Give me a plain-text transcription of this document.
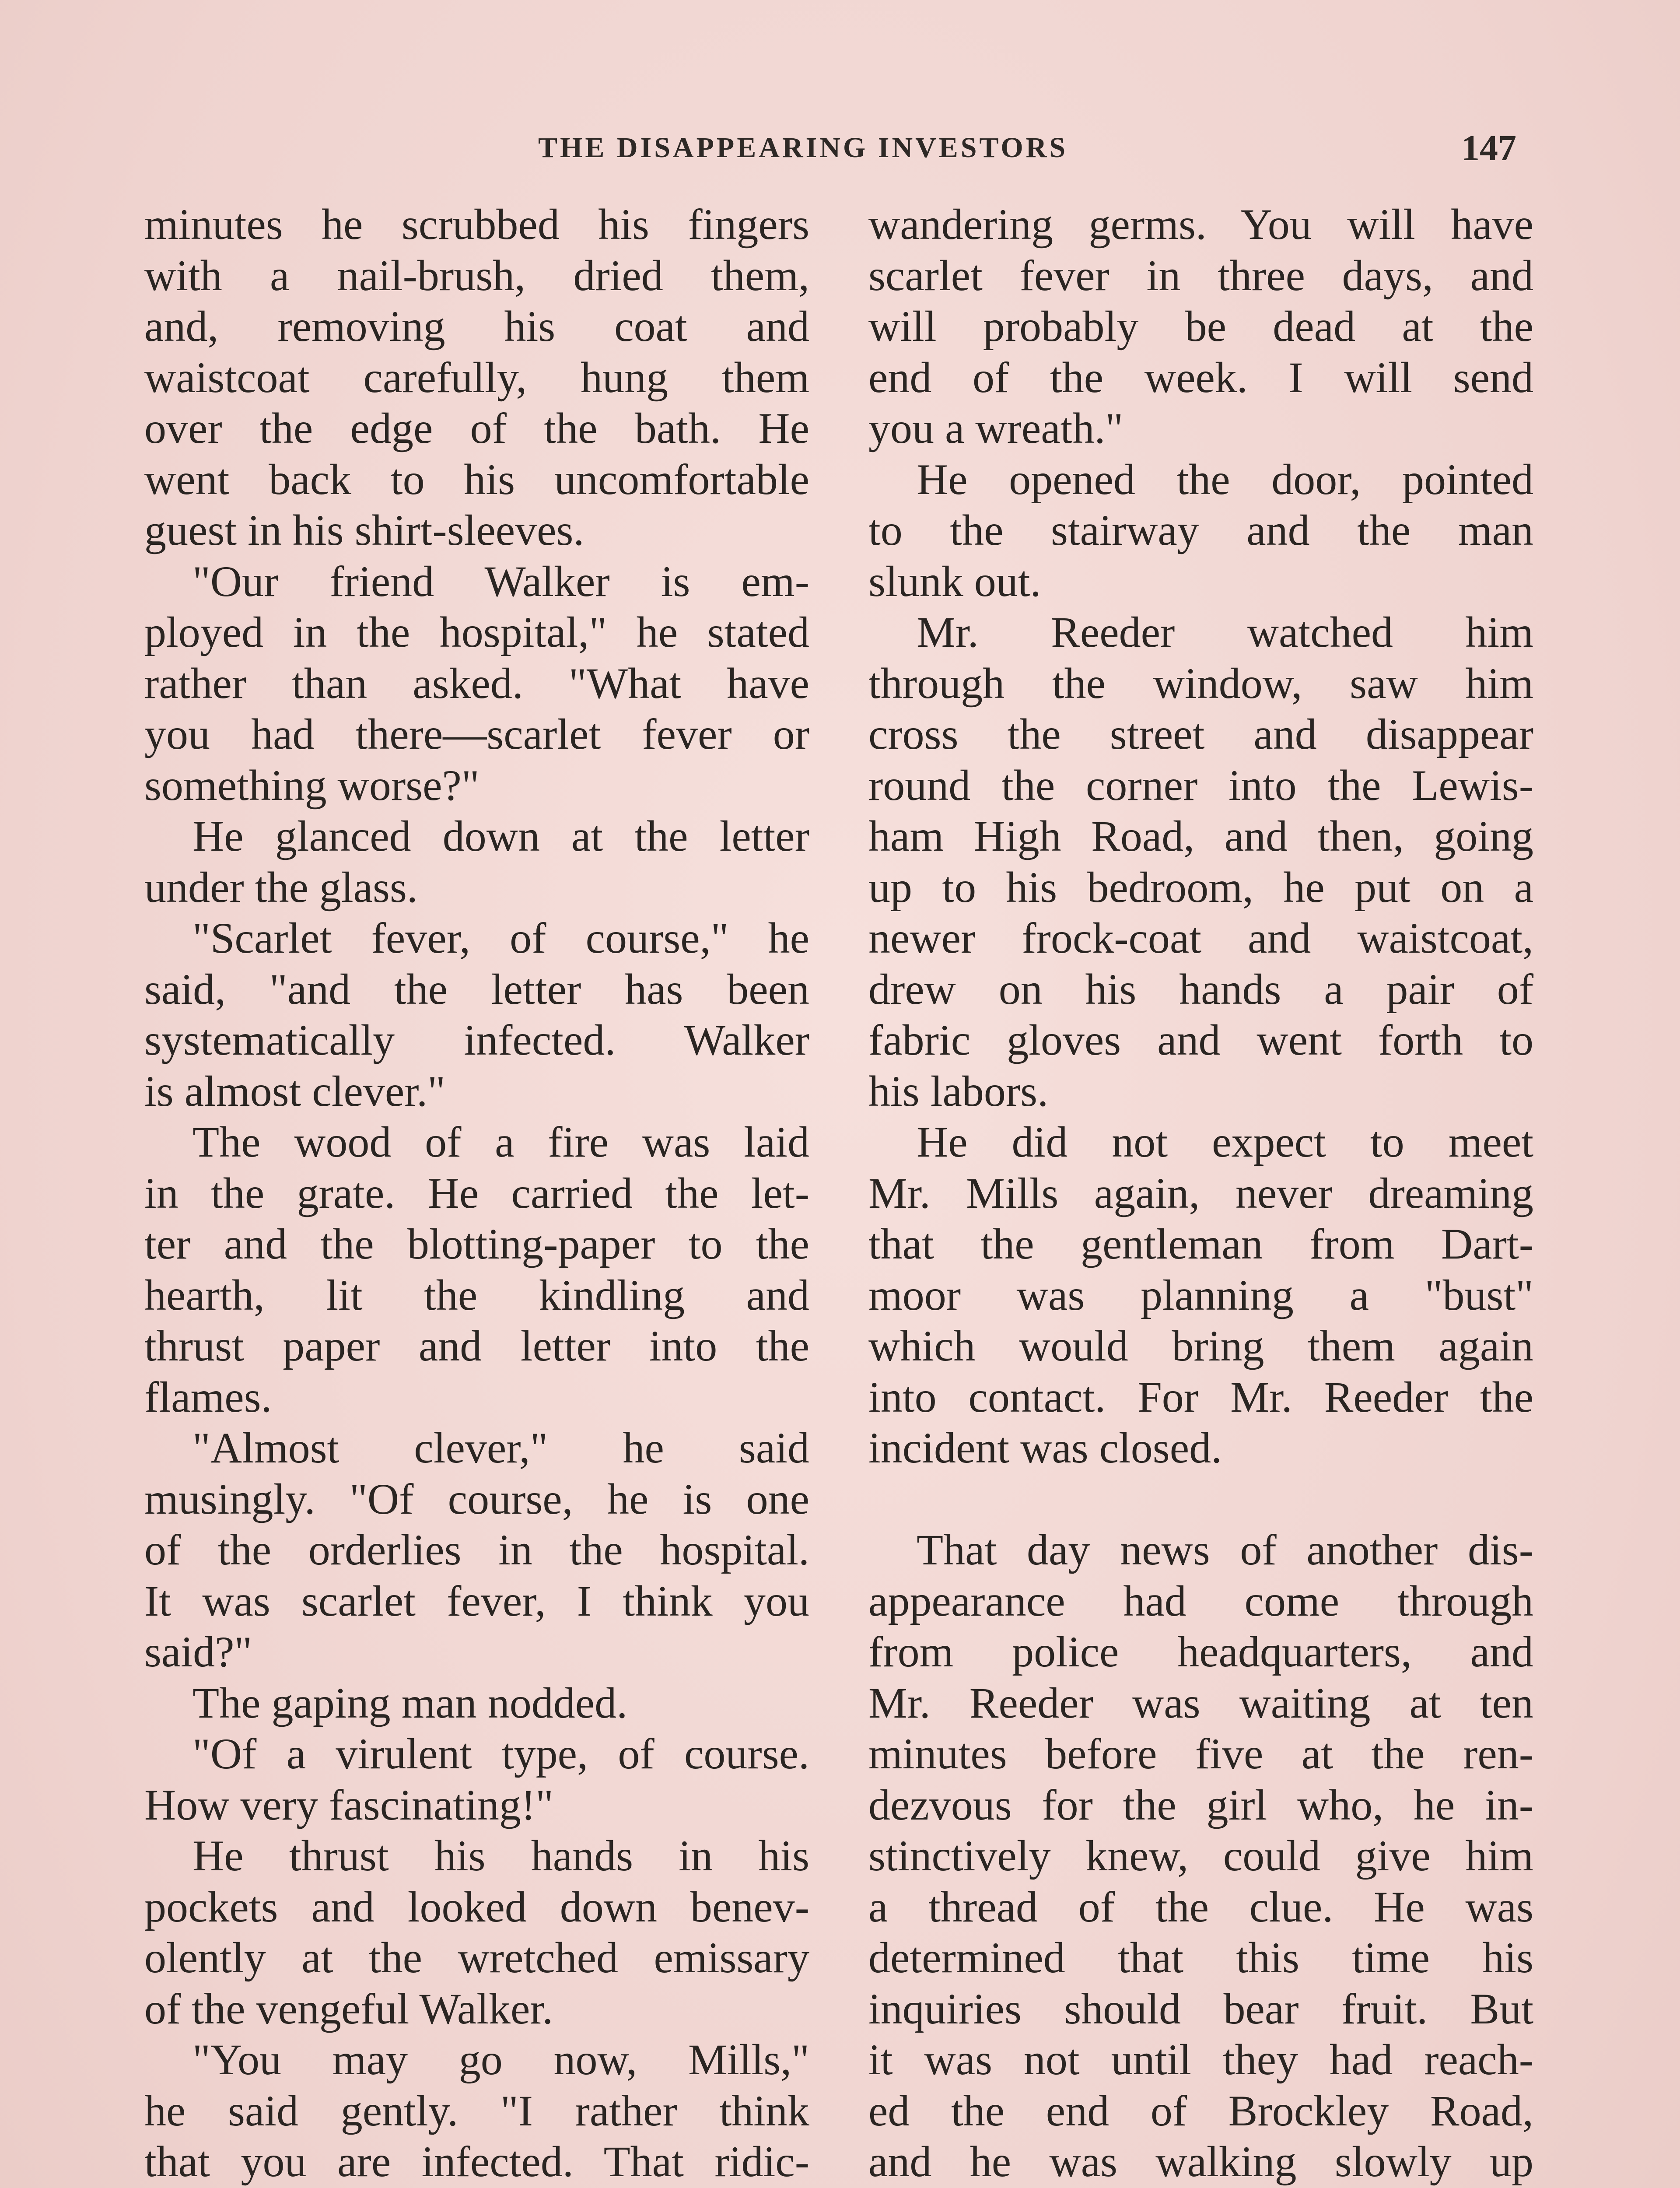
THE DISAPPEARING INVESTORS	147
minutes he scrubbed his fingers
with a nail-brush, dried them,
and, removing his coat and
waistcoat carefully, hung them
over the edge of the bath. He
went back to his uncomfortable
guest in his shirt-sleeves.
"Our friend Walker is em-
ployed in the hospital," he stated
rather than asked. "What have
you had there—scarlet fever or
something worse?"
He glanced down at the letter
under the glass.
"Scarlet fever, of course," he
said, "and the letter has been
systematically infected. Walker
is almost clever."
The wood of a fire was laid
in the grate. He carried the let-
ter and the blotting-paper to the
hearth, lit the kindling and
thrust paper and letter into the
flames.
"Almost clever," he said
musingly. "Of course, he is one
of the orderlies in the hospital.
It was scarlet fever, I think you
said?"
The gaping man nodded.
"Of a virulent type, of course.
How very fascinating!"
He thrust his hands in his
pockets and looked down benev-
olently at the wretched emissary
of the vengeful Walker.
"You may go now, Mills,"
he said gently. "I rather think
that you are infected. That ridic-
wandering germs. You will have
scarlet fever in three days, and
will probably be dead at the
end of the week. I will send
you a wreath."
He opened the door, pointed
to the stairway and the man
slunk out.
Mr. Reeder watched him
through the window, saw him
cross the street and disappear
round the corner into the Lewis-
ham High Road, and then, going
up to his bedroom, he put on a
newer frock-coat and waistcoat,
drew on his hands a pair of
fabric gloves and went forth to
his labors.
He did not expect to meet
Mr. Mills again, never dreaming
that the gentleman from Dart-
moor was planning a "bust"
which would bring them again
into contact. For Mr. Reeder the
incident was closed.
That day news of another dis-
appearance had come through
from police headquarters, and
Mr. Reeder was waiting at ten
minutes before five at the ren-
dezvous for the girl who, he in-
stinctively knew, could give him
a thread of the clue. He was
determined that this time his
inquiries should bear fruit. But
it was not until they had reach-
ed the end of Brockley Road,
and he was walking slowly up
